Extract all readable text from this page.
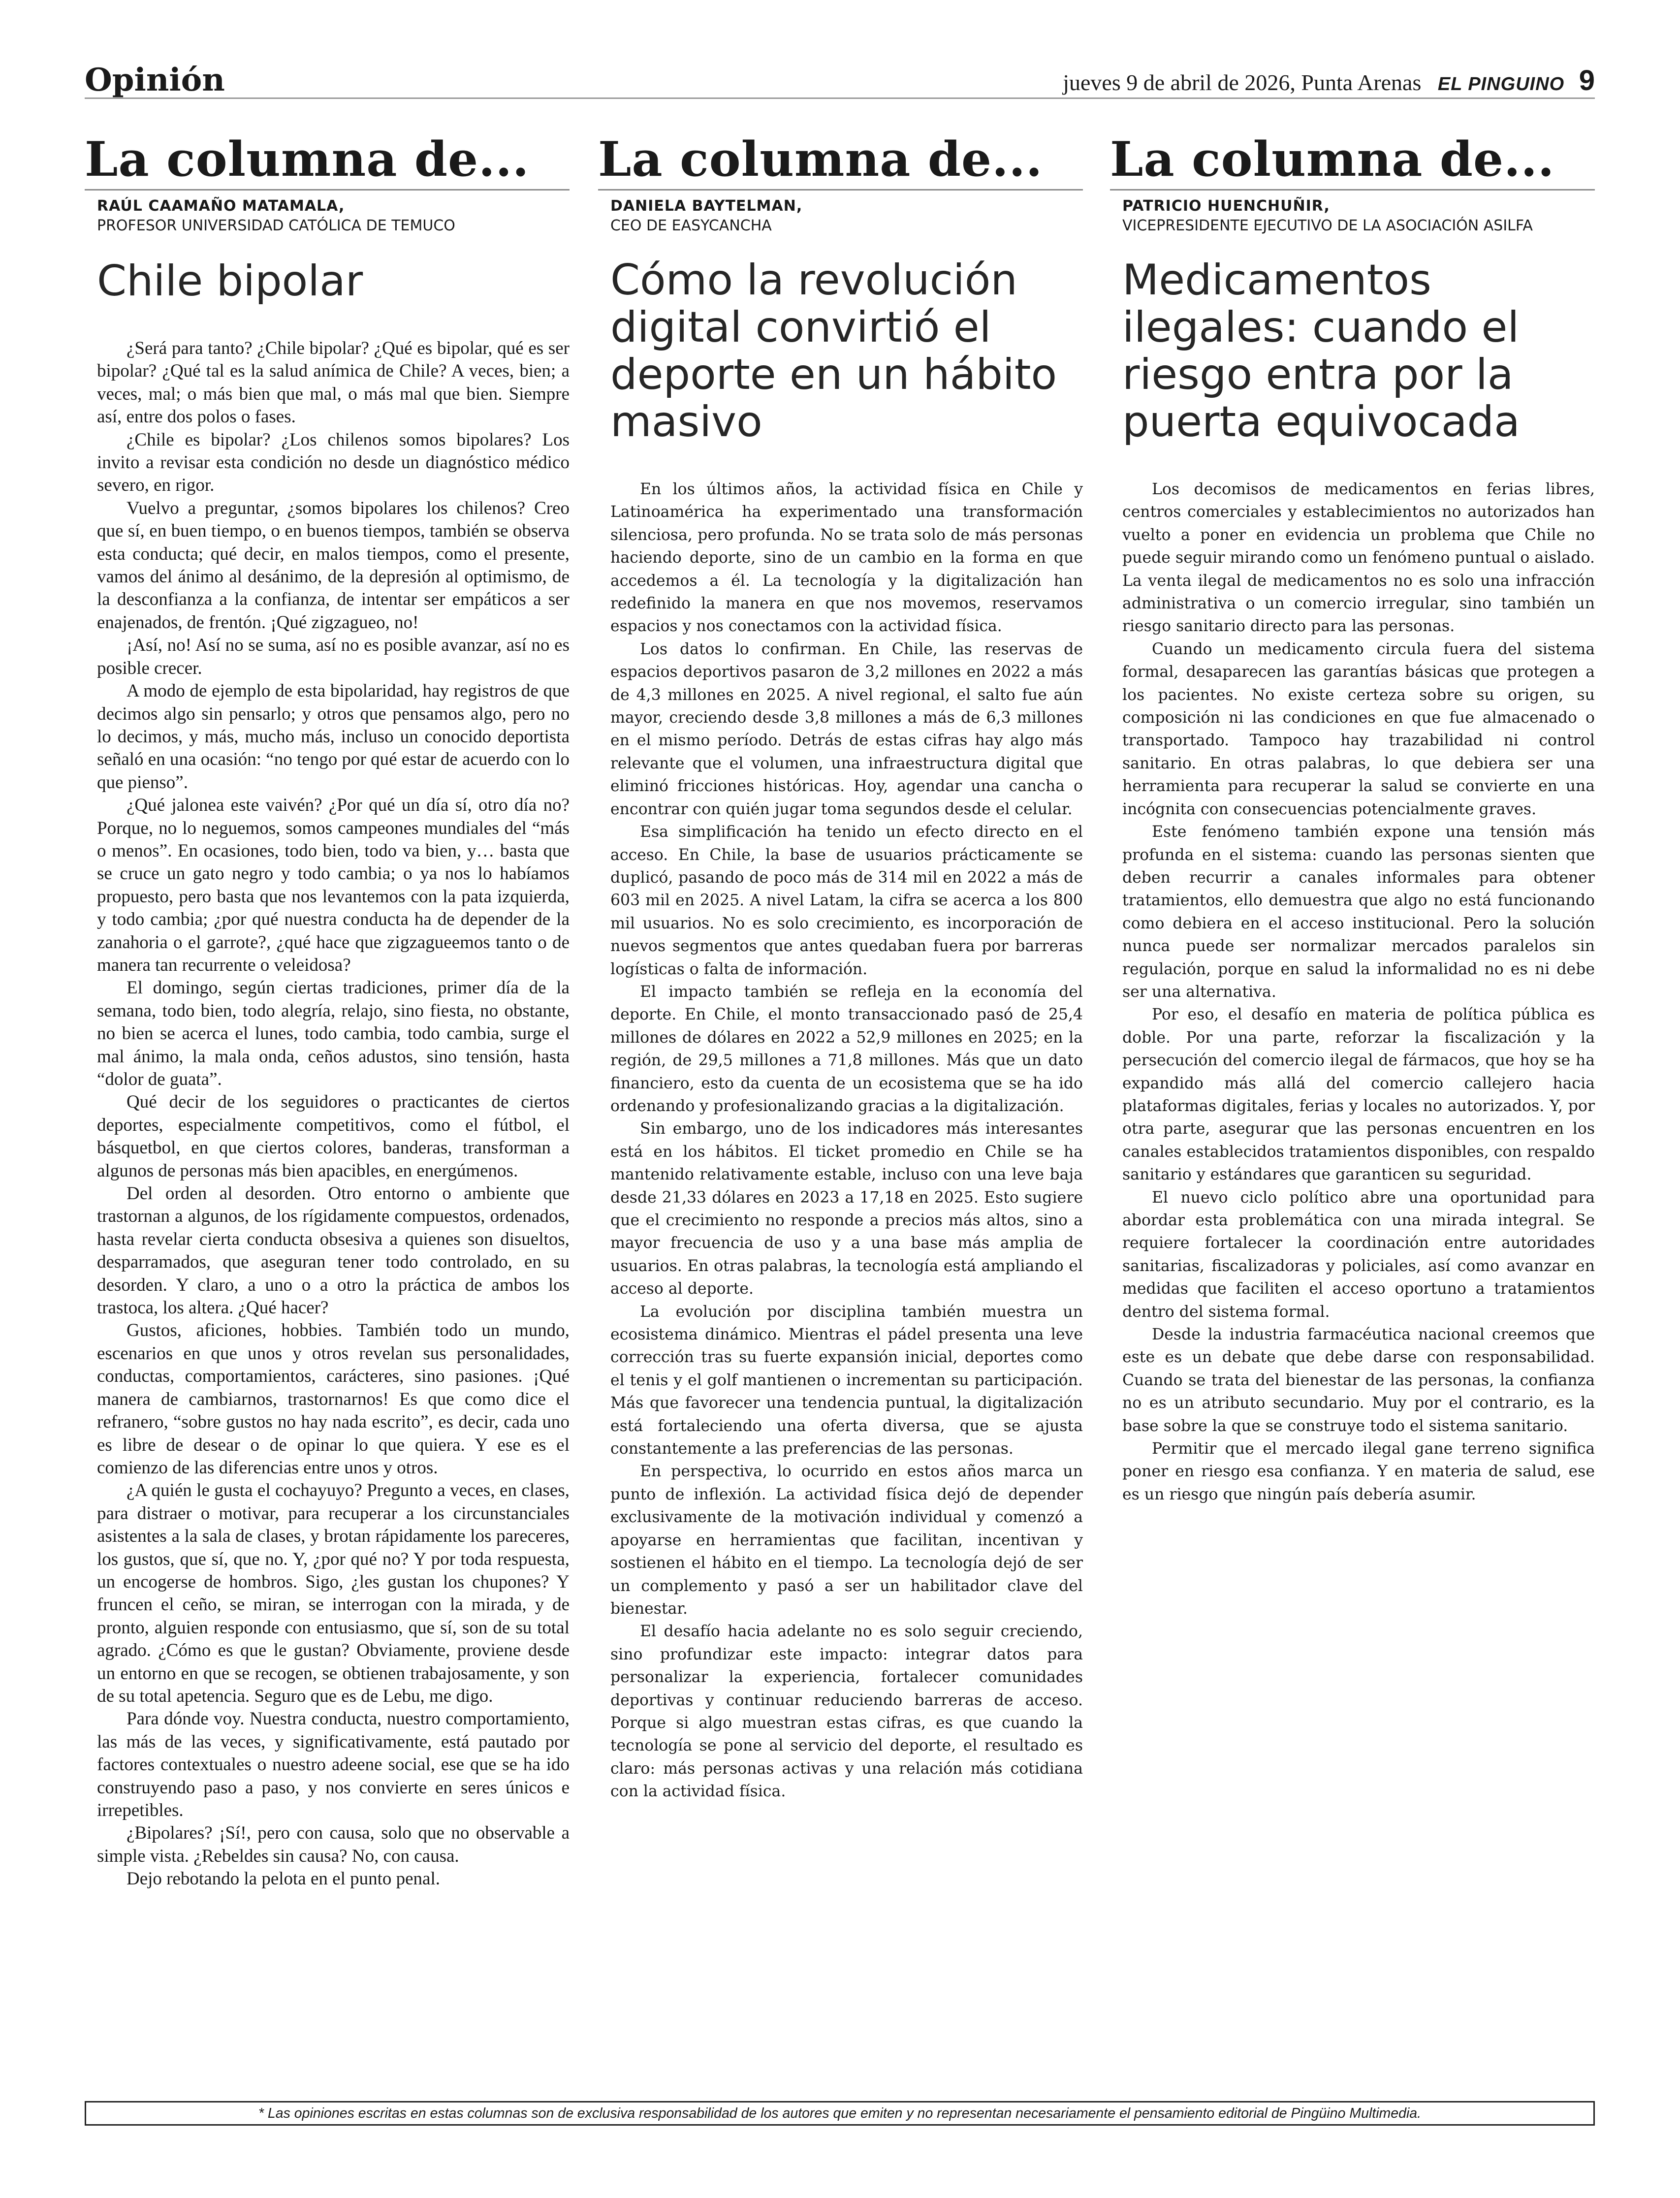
Opinión	jueves 9 de abril de 2026, Punta Arenas EL PINGUINO 9
La columna de...
RAÚL CAAMAÑO MATAMALA,
PROFESOR UNIVERSIDAD CATÓLICA DE TEMUCO
Chile bipolar

¿Será para tanto? ¿Chile bipolar? ¿Qué es bipolar, qué es ser bipolar? ¿Qué tal es la salud anímica de Chile? A veces, bien; a veces, mal; o más bien que mal, o más mal que bien. Siempre así, entre dos polos o fases.

¿Chile es bipolar? ¿Los chilenos somos bipolares? Los invito a revisar esta condición no desde un diagnóstico médico severo, en rigor.

Vuelvo a preguntar, ¿somos bipolares los chilenos? Creo que sí, en buen tiempo, o en buenos tiempos, también se observa esta conducta; qué decir, en malos tiempos, como el presente, vamos del ánimo al desánimo, de la depresión al optimismo, de la desconfianza a la confianza, de intentar ser empáticos a ser enajenados, de frentón. ¡Qué zigzagueo, no!

¡Así, no! Así no se suma, así no es posible avanzar, así no es posible crecer.

A modo de ejemplo de esta bipolaridad, hay registros de que decimos algo sin pensarlo; y otros que pensamos algo, pero no lo decimos, y más, mucho más, incluso un conocido deportista señaló en una ocasión: “no tengo por qué estar de acuerdo con lo que pienso”.

¿Qué jalonea este vaivén? ¿Por qué un día sí, otro día no? Porque, no lo neguemos, somos campeones mundiales del “más o menos”. En ocasiones, todo bien, todo va bien, y… basta que se cruce un gato negro y todo cambia; o ya nos lo habíamos propuesto, pero basta que nos levantemos con la pata izquierda, y todo cambia; ¿por qué nuestra conducta ha de depender de la zanahoria o el garrote?, ¿qué hace que zigzagueemos tanto o de manera tan recurrente o veleidosa?

El domingo, según ciertas tradiciones, primer día de la semana, todo bien, todo alegría, relajo, sino fiesta, no obstante, no bien se acerca el lunes, todo cambia, todo cambia, surge el mal ánimo, la mala onda, ceños adustos, sino tensión, hasta “dolor de guata”.

Qué decir de los seguidores o practicantes de ciertos deportes, especialmente competitivos, como el fútbol, el básquetbol, en que ciertos colores, banderas, transforman a algunos de personas más bien apacibles, en energúmenos.

Del orden al desorden. Otro entorno o ambiente que trastornan a algunos, de los rígidamente compuestos, ordenados, hasta revelar cierta conducta obsesiva a quienes son disueltos, desparramados, que aseguran tener todo controlado, en su desorden. Y claro, a uno o a otro la práctica de ambos los trastoca, los altera. ¿Qué hacer?

Gustos, aficiones, hobbies. También todo un mundo, escenarios en que unos y otros revelan sus personalidades, conductas, comportamientos, carácteres, sino pasiones. ¡Qué manera de cambiarnos, trastornarnos! Es que como dice el refranero, “sobre gustos no hay nada escrito”, es decir, cada uno es libre de desear o de opinar lo que quiera. Y ese es el comienzo de las diferencias entre unos y otros.

¿A quién le gusta el cochayuyo? Pregunto a veces, en clases, para distraer o motivar, para recuperar a los circunstanciales asistentes a la sala de clases, y brotan rápidamente los pareceres, los gustos, que sí, que no. Y, ¿por qué no? Y por toda respuesta, un encogerse de hombros. Sigo, ¿les gustan los chupones? Y fruncen el ceño, se miran, se interrogan con la mirada, y de pronto, alguien responde con entusiasmo, que sí, son de su total agrado. ¿Cómo es que le gustan? Obviamente, proviene desde un entorno en que se recogen, se obtienen trabajosamente, y son de su total apetencia. Seguro que es de Lebu, me digo.

Para dónde voy. Nuestra conducta, nuestro comportamiento, las más de las veces, y significativamente, está pautado por factores contextuales o nuestro adeene social, ese que se ha ido construyendo paso a paso, y nos convierte en seres únicos e irrepetibles.

¿Bipolares? ¡Sí!, pero con causa, solo que no observable a simple vista. ¿Rebeldes sin causa? No, con causa.

Dejo rebotando la pelota en el punto penal.

La columna de...
DANIELA BAYTELMAN,
CEO DE EASYCANCHA
Cómo la revolución digital convirtió el deporte en un hábito masivo

En los últimos años, la actividad física en Chile y Latinoamérica ha experimentado una transformación silenciosa, pero profunda. No se trata solo de más personas haciendo deporte, sino de un cambio en la forma en que accedemos a él. La tecnología y la digitalización han redefinido la manera en que nos movemos, reservamos espacios y nos conectamos con la actividad física.

Los datos lo confirman. En Chile, las reservas de espacios deportivos pasaron de 3,2 millones en 2022 a más de 4,3 millones en 2025. A nivel regional, el salto fue aún mayor, creciendo desde 3,8 millones a más de 6,3 millones en el mismo período. Detrás de estas cifras hay algo más relevante que el volumen, una infraestructura digital que eliminó fricciones históricas. Hoy, agendar una cancha o encontrar con quién jugar toma segundos desde el celular.

Esa simplificación ha tenido un efecto directo en el acceso. En Chile, la base de usuarios prácticamente se duplicó, pasando de poco más de 314 mil en 2022 a más de 603 mil en 2025. A nivel Latam, la cifra se acerca a los 800 mil usuarios. No es solo crecimiento, es incorporación de nuevos segmentos que antes quedaban fuera por barreras logísticas o falta de información.

El impacto también se refleja en la economía del deporte. En Chile, el monto transaccionado pasó de 25,4 millones de dólares en 2022 a 52,9 millones en 2025; en la región, de 29,5 millones a 71,8 millones. Más que un dato financiero, esto da cuenta de un ecosistema que se ha ido ordenando y profesionalizando gracias a la digitalización.

Sin embargo, uno de los indicadores más interesantes está en los hábitos. El ticket promedio en Chile se ha mantenido relativamente estable, incluso con una leve baja desde 21,33 dólares en 2023 a 17,18 en 2025. Esto sugiere que el crecimiento no responde a precios más altos, sino a mayor frecuencia de uso y a una base más amplia de usuarios. En otras palabras, la tecnología está ampliando el acceso al deporte.

La evolución por disciplina también muestra un ecosistema dinámico. Mientras el pádel presenta una leve corrección tras su fuerte expansión inicial, deportes como el tenis y el golf mantienen o incrementan su participación. Más que favorecer una tendencia puntual, la digitalización está fortaleciendo una oferta diversa, que se ajusta constantemente a las preferencias de las personas.

En perspectiva, lo ocurrido en estos años marca un punto de inflexión. La actividad física dejó de depender exclusivamente de la motivación individual y comenzó a apoyarse en herramientas que facilitan, incentivan y sostienen el hábito en el tiempo. La tecnología dejó de ser un complemento y pasó a ser un habilitador clave del bienestar.

El desafío hacia adelante no es solo seguir creciendo, sino profundizar este impacto: integrar datos para personalizar la experiencia, fortalecer comunidades deportivas y continuar reduciendo barreras de acceso. Porque si algo muestran estas cifras, es que cuando la tecnología se pone al servicio del deporte, el resultado es claro: más personas activas y una relación más cotidiana con la actividad física.

La columna de...
PATRICIO HUENCHUÑIR,
VICEPRESIDENTE EJECUTIVO DE LA ASOCIACIÓN ASILFA
Medicamentos ilegales: cuando el riesgo entra por la puerta equivocada

Los decomisos de medicamentos en ferias libres, centros comerciales y establecimientos no autorizados han vuelto a poner en evidencia un problema que Chile no puede seguir mirando como un fenómeno puntual o aislado. La venta ilegal de medicamentos no es solo una infracción administrativa o un comercio irregular, sino también un riesgo sanitario directo para las personas.

Cuando un medicamento circula fuera del sistema formal, desaparecen las garantías básicas que protegen a los pacientes. No existe certeza sobre su origen, su composición ni las condiciones en que fue almacenado o transportado. Tampoco hay trazabilidad ni control sanitario. En otras palabras, lo que debiera ser una herramienta para recuperar la salud se convierte en una incógnita con consecuencias potencialmente graves.

Este fenómeno también expone una tensión más profunda en el sistema: cuando las personas sienten que deben recurrir a canales informales para obtener tratamientos, ello demuestra que algo no está funcionando como debiera en el acceso institucional. Pero la solución nunca puede ser normalizar mercados paralelos sin regulación, porque en salud la informalidad no es ni debe ser una alternativa.

Por eso, el desafío en materia de política pública es doble. Por una parte, reforzar la fiscalización y la persecución del comercio ilegal de fármacos, que hoy se ha expandido más allá del comercio callejero hacia plataformas digitales, ferias y locales no autorizados. Y, por otra parte, asegurar que las personas encuentren en los canales establecidos tratamientos disponibles, con respaldo sanitario y estándares que garanticen su seguridad.

El nuevo ciclo político abre una oportunidad para abordar esta problemática con una mirada integral. Se requiere fortalecer la coordinación entre autoridades sanitarias, fiscalizadoras y policiales, así como avanzar en medidas que faciliten el acceso oportuno a tratamientos dentro del sistema formal.

Desde la industria farmacéutica nacional creemos que este es un debate que debe darse con responsabilidad. Cuando se trata del bienestar de las personas, la confianza no es un atributo secundario. Muy por el contrario, es la base sobre la que se construye todo el sistema sanitario.

Permitir que el mercado ilegal gane terreno significa poner en riesgo esa confianza. Y en materia de salud, ese es un riesgo que ningún país debería asumir.

* Las opiniones escritas en estas columnas son de exclusiva responsabilidad de los autores que emiten y no representan necesariamente el pensamiento editorial de Pingüino Multimedia.
